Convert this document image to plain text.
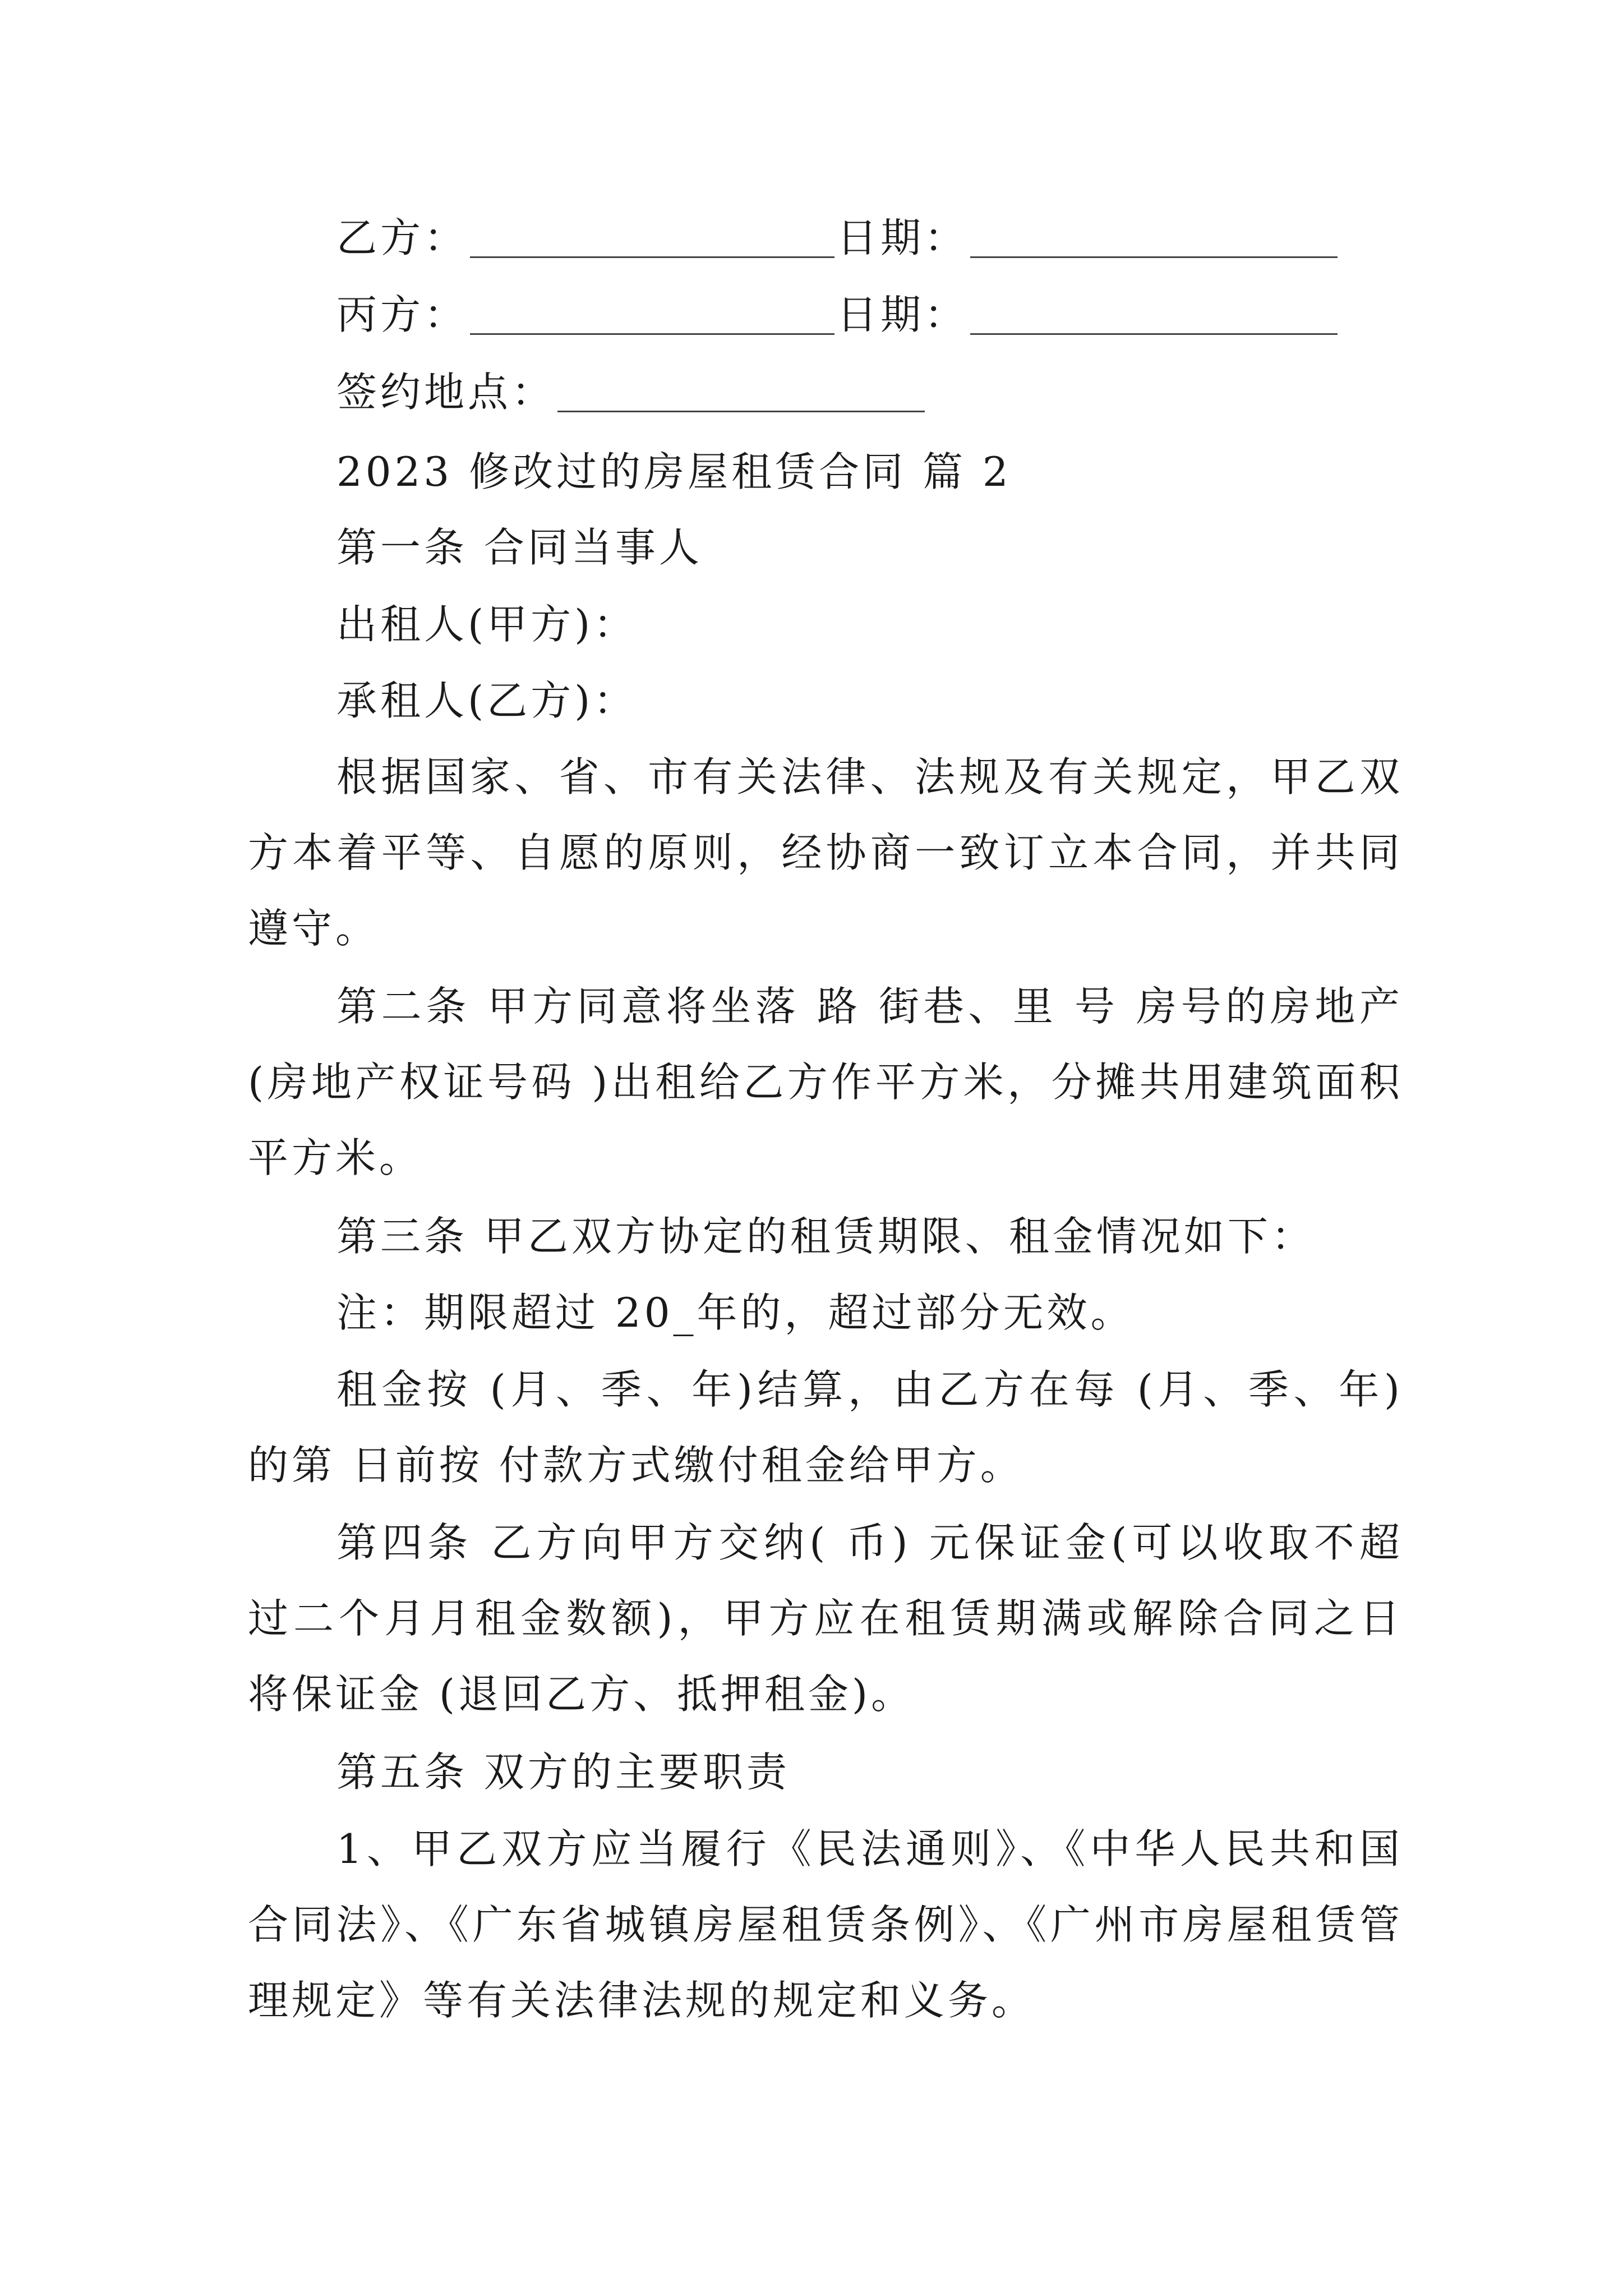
乙方：	日期：
丙方：	日期：
签约地点：
2023 修改过的房屋租赁合同 篇 2
第一条 合同当事人
出租人(甲方)：
承租人(乙方)：
根据国家、省、市有关法律、法规及有关规定，甲乙双方本着平等、自愿的原则，经协商一致订立本合同，并共同遵守。
第二条 甲方同意将坐落 路 街巷、里 号 房号的房地产(房地产权证号码 )出租给乙方作平方米，分摊共用建筑面积 平方米。
第三条 甲乙双方协定的租赁期限、租金情况如下：
注：期限超过 20_年的，超过部分无效。
租金按 (月、季、年)结算，由乙方在每 (月、季、年)的第 日前按 付款方式缴付租金给甲方。
第四条 乙方向甲方交纳( 币) 元保证金(可以收取不超过二个月月租金数额)，甲方应在租赁期满或解除合同之日将保证金 (退回乙方、抵押租金)。
第五条 双方的主要职责
1、甲乙双方应当履行《民法通则》、《中华人民共和国合同法》、《广东省城镇房屋租赁条例》、《广州市房屋租赁管理规定》等有关法律法规的规定和义务。
